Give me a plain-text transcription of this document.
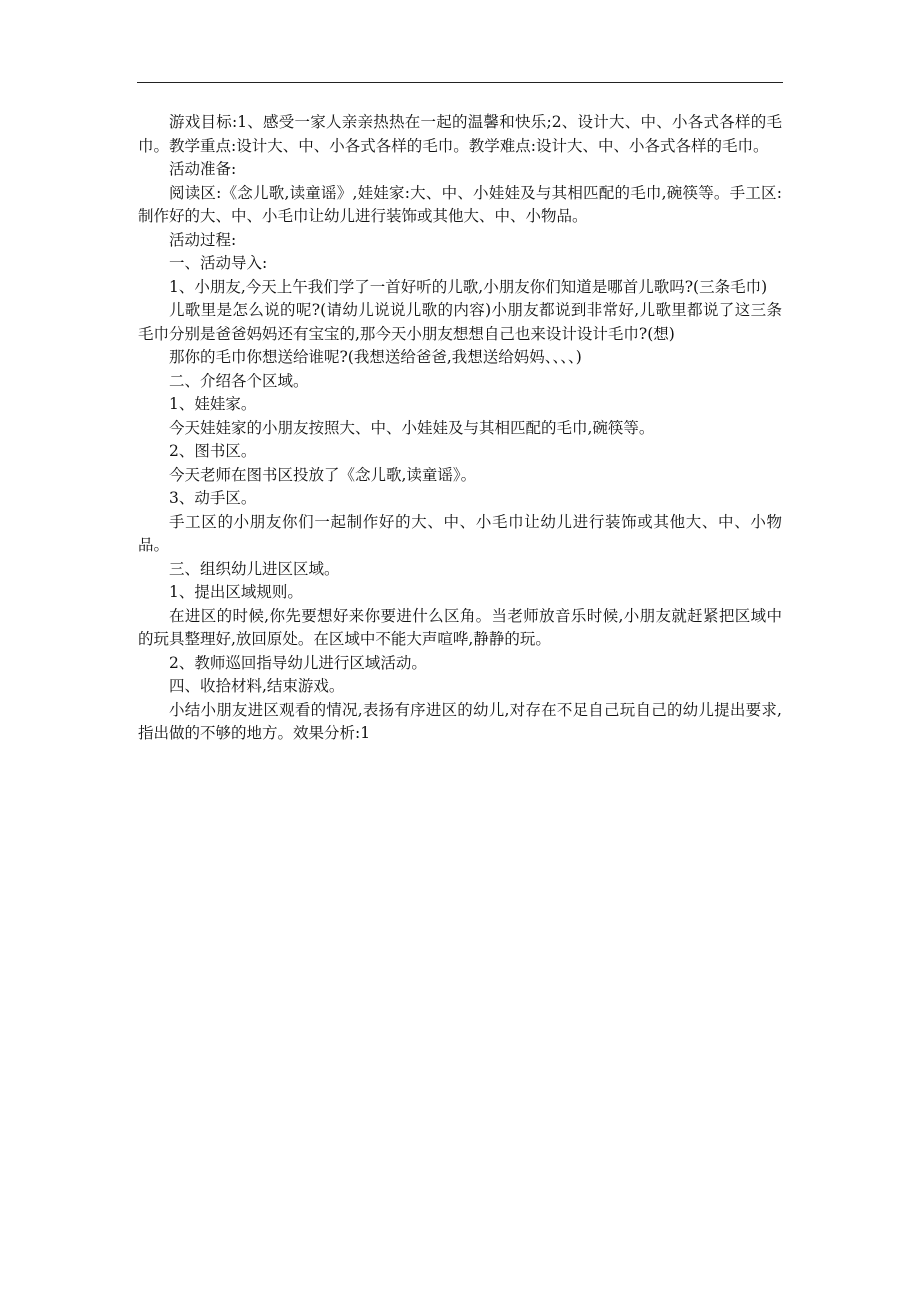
游戏目标:1、感受一家人亲亲热热在一起的温馨和快乐;2、设计大、中、小各式各样的毛巾。教学重点:设计大、中、小各式各样的毛巾。教学难点:设计大、中、小各式各样的毛巾。

活动准备:

阅读区:《念儿歌,读童谣》,娃娃家:大、中、小娃娃及与其相匹配的毛巾,碗筷等。手工区:制作好的大、中、小毛巾让幼儿进行装饰或其他大、中、小物品。

活动过程:

一、活动导入:

1、小朋友,今天上午我们学了一首好听的儿歌,小朋友你们知道是哪首儿歌吗?(三条毛巾)

儿歌里是怎么说的呢?(请幼儿说说儿歌的内容)小朋友都说到非常好,儿歌里都说了这三条毛巾分别是爸爸妈妈还有宝宝的,那今天小朋友想想自己也来设计设计毛巾?(想)

那你的毛巾你想送给谁呢?(我想送给爸爸,我想送给妈妈、、、、)

二、介绍各个区域。

1、娃娃家。

今天娃娃家的小朋友按照大、中、小娃娃及与其相匹配的毛巾,碗筷等。

2、图书区。

今天老师在图书区投放了《念儿歌,读童谣》。

3、动手区。

手工区的小朋友你们一起制作好的大、中、小毛巾让幼儿进行装饰或其他大、中、小物品。

三、组织幼儿进区区域。

1、提出区域规则。

在进区的时候,你先要想好来你要进什么区角。当老师放音乐时候,小朋友就赶紧把区域中的玩具整理好,放回原处。在区域中不能大声喧哗,静静的玩。

2、教师巡回指导幼儿进行区域活动。

四、收拾材料,结束游戏。

小结小朋友进区观看的情况,表扬有序进区的幼儿,对存在不足自己玩自己的幼儿提出要求,指出做的不够的地方。效果分析:1
